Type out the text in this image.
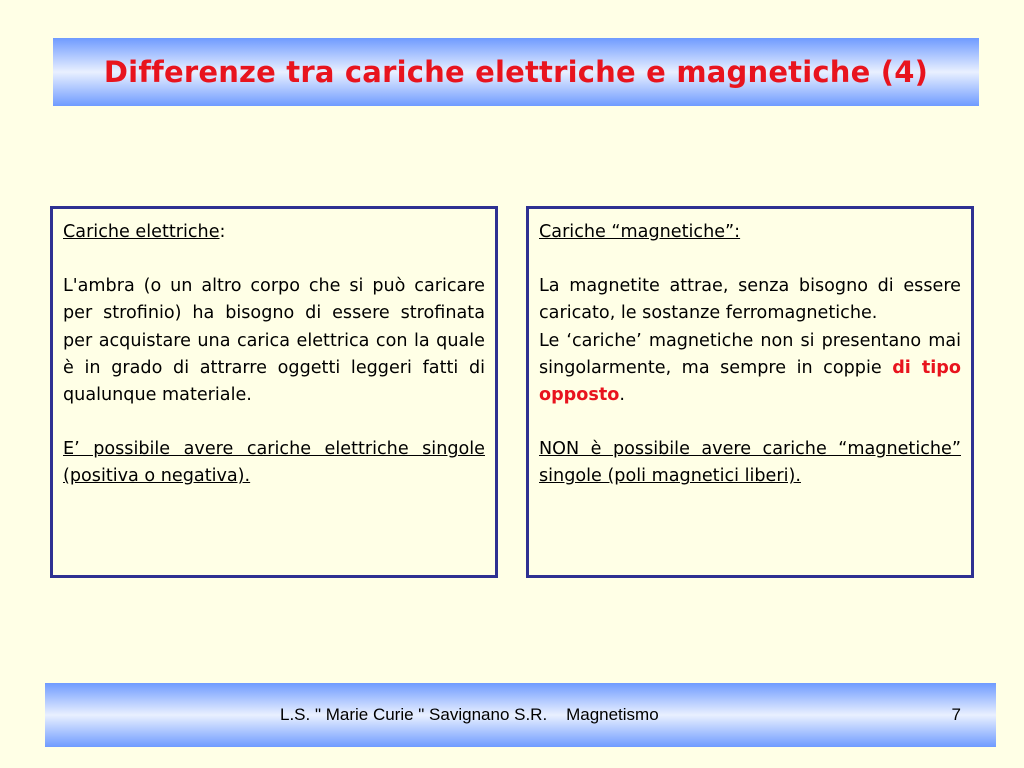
Differenze tra cariche elettriche e magnetiche (4)
Cariche elettriche:

L'ambra (o un altro corpo che si può caricare per strofinio) ha bisogno di essere strofinata per acquistare una carica elettrica con la quale è in grado di attrarre oggetti leggeri fatti di qualunque materiale.

E’ possibile avere cariche elettriche singole (positiva o negativa).

Cariche “magnetiche”:

La magnetite attrae, senza bisogno di essere caricato, le sostanze ferromagnetiche.

Le ‘cariche’ magnetiche non si presentano mai singolarmente, ma sempre in coppie di tipo opposto.

NON è possibile avere cariche “magnetiche” singole (poli magnetici liberi).

L.S. " Marie Curie " Savignano S.R.    Magnetismo	7
